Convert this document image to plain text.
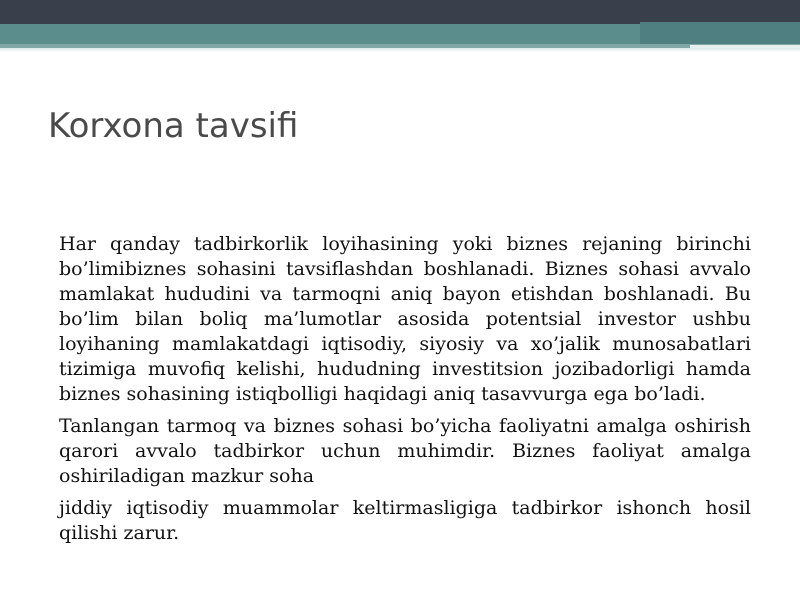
Korxona tavsifi

Har qanday tadbirkorlik loyihasining yoki biznes rejaning birinchi bo’limibiznes sohasini tavsiflashdan boshlanadi. Biznes sohasi avvalo mamlakat hududini va tarmoqni aniq bayon etishdan boshlanadi. Bu bo’lim bilan boliq ma’lumotlar asosida potentsial investor ushbu loyihaning mamlakatdagi iqtisodiy, siyosiy va xo’jalik munosabatlari tizimiga muvofiq kelishi, hududning investitsion jozibadorligi hamda biznes sohasining istiqbolligi haqidagi aniq tasavvurga ega bo’ladi.

Tanlangan tarmoq va biznes sohasi bo’yicha faoliyatni amalga oshirish qarori avvalo tadbirkor uchun muhimdir. Biznes faoliyat amalga oshiriladigan mazkur soha

jiddiy iqtisodiy muammolar keltirmasligiga tadbirkor ishonch hosil qilishi zarur.
